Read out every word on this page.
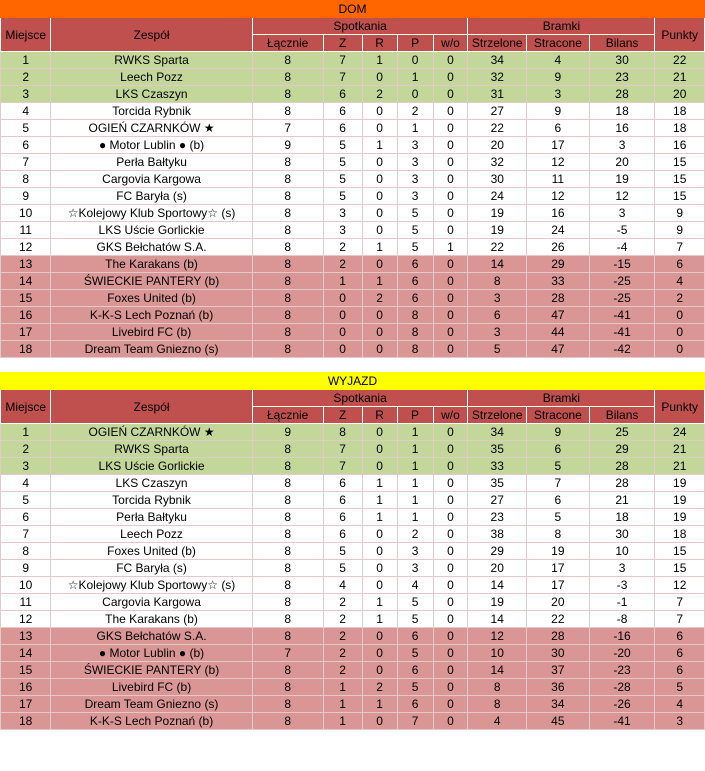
DOM										
Miejsce	Zespół	Spotkania					Bramki			Punkty
		Łącznie	Z	R	P	w/o	Strzelone	Stracone	Bilans	
1	RWKS Sparta	8	7	1	0	0	34	4	30	22
2	Leech Pozz	8	7	0	1	0	32	9	23	21
3	LKS Czaszyn	8	6	2	0	0	31	3	28	20
4	Torcida Rybnik	8	6	0	2	0	27	9	18	18
5	OGIEŃ CZARNKÓW ★	7	6	0	1	0	22	6	16	18
6	● Motor Lublin ● (b)	9	5	1	3	0	20	17	3	16
7	Perła Bałtyku	8	5	0	3	0	32	12	20	15
8	Cargovia Kargowa	8	5	0	3	0	30	11	19	15
9	FC Baryła (s)	8	5	0	3	0	24	12	12	15
10	☆Kolejowy Klub Sportowy☆ (s)	8	3	0	5	0	19	16	3	9
11	LKS Uście Gorlickie	8	3	0	5	0	19	24	-5	9
12	GKS Bełchatów S.A.	8	2	1	5	1	22	26	-4	7
13	The Karakans (b)	8	2	0	6	0	14	29	-15	6
14	ŚWIECKIE PANTERY (b)	8	1	1	6	0	8	33	-25	4
15	Foxes United (b)	8	0	2	6	0	3	28	-25	2
16	K-K-S Lech Poznań (b)	8	0	0	8	0	6	47	-41	0
17	Livebird FC (b)	8	0	0	8	0	3	44	-41	0
18	Dream Team Gniezno (s)	8	0	0	8	0	5	47	-42	0
WYJAZD										
Miejsce	Zespół	Spotkania					Bramki			Punkty
		Łącznie	Z	R	P	w/o	Strzelone	Stracone	Bilans	
1	OGIEŃ CZARNKÓW ★	9	8	0	1	0	34	9	25	24
2	RWKS Sparta	8	7	0	1	0	35	6	29	21
3	LKS Uście Gorlickie	8	7	0	1	0	33	5	28	21
4	LKS Czaszyn	8	6	1	1	0	35	7	28	19
5	Torcida Rybnik	8	6	1	1	0	27	6	21	19
6	Perła Bałtyku	8	6	1	1	0	23	5	18	19
7	Leech Pozz	8	6	0	2	0	38	8	30	18
8	Foxes United (b)	8	5	0	3	0	29	19	10	15
9	FC Baryła (s)	8	5	0	3	0	20	17	3	15
10	☆Kolejowy Klub Sportowy☆ (s)	8	4	0	4	0	14	17	-3	12
11	Cargovia Kargowa	8	2	1	5	0	19	20	-1	7
12	The Karakans (b)	8	2	1	5	0	14	22	-8	7
13	GKS Bełchatów S.A.	8	2	0	6	0	12	28	-16	6
14	● Motor Lublin ● (b)	7	2	0	5	0	10	30	-20	6
15	ŚWIECKIE PANTERY (b)	8	2	0	6	0	14	37	-23	6
16	Livebird FC (b)	8	1	2	5	0	8	36	-28	5
17	Dream Team Gniezno (s)	8	1	1	6	0	8	34	-26	4
18	K-K-S Lech Poznań (b)	8	1	0	7	0	4	45	-41	3
